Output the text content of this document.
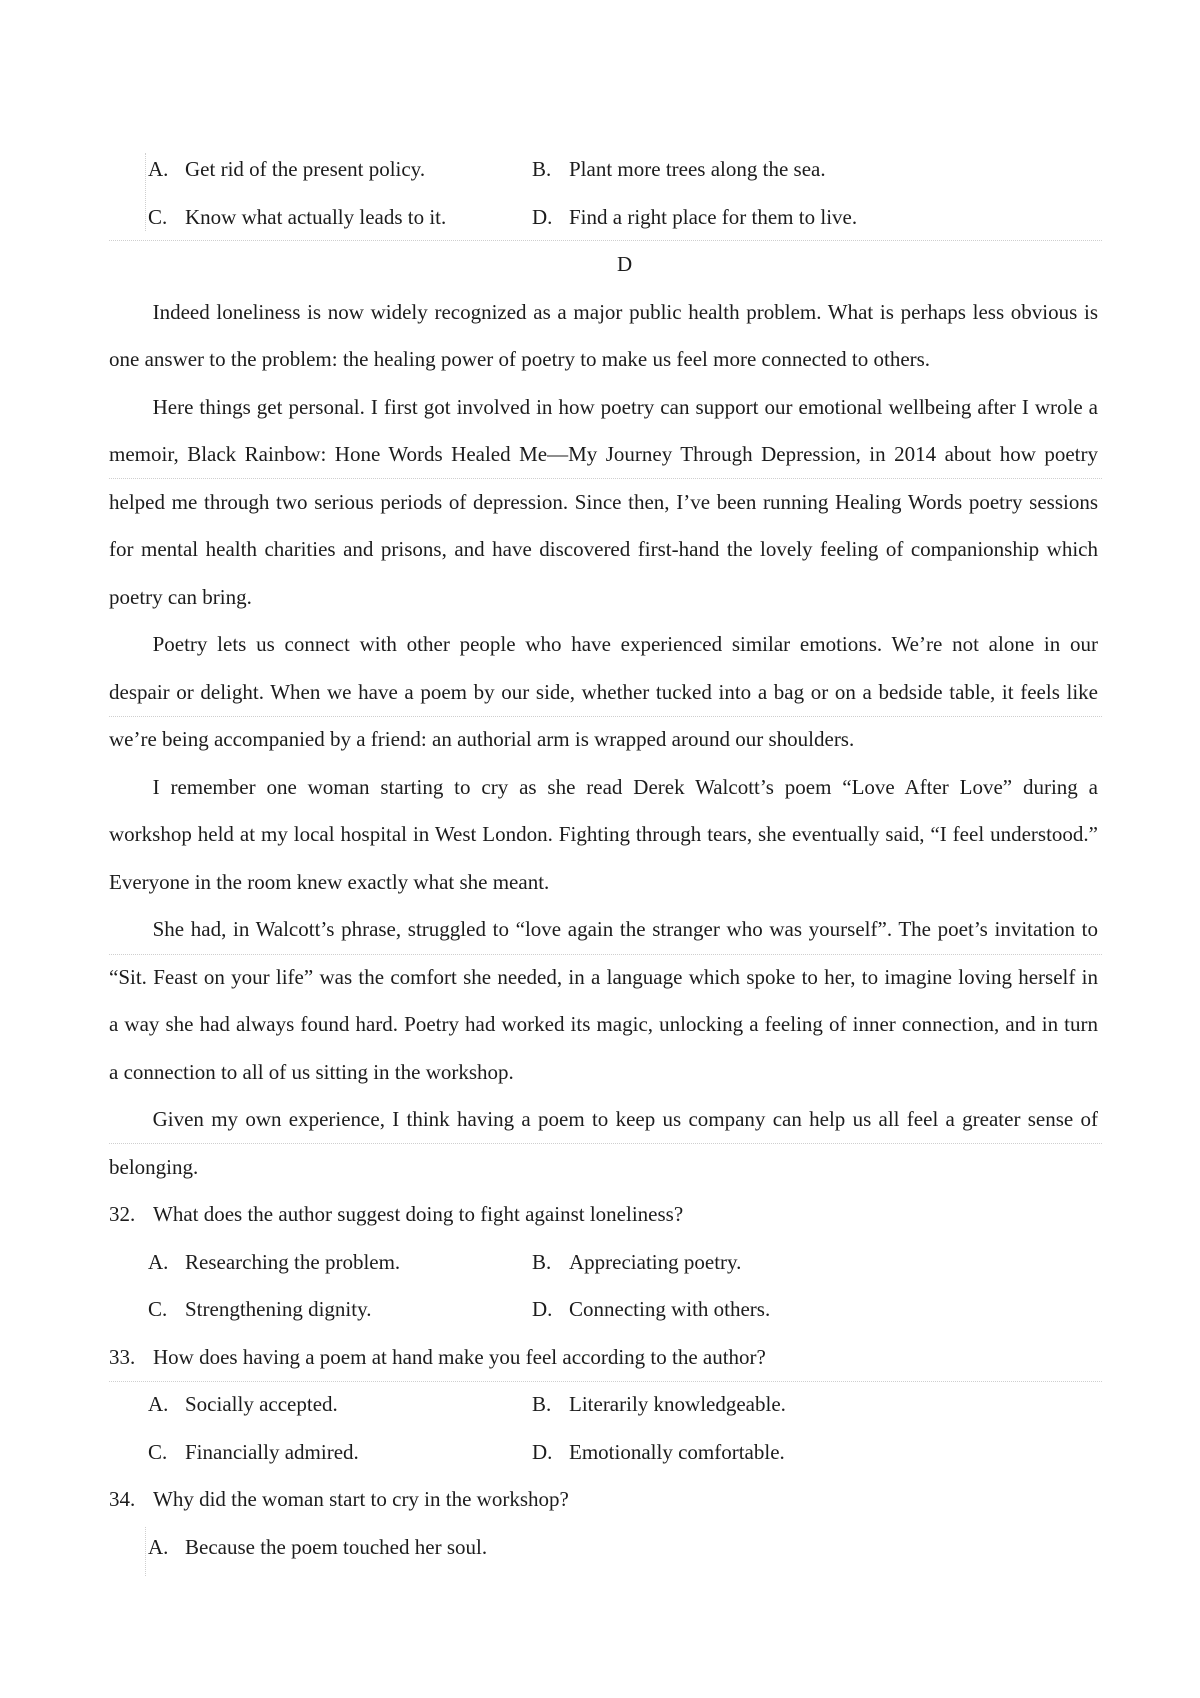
A. Get rid of the present policy.	B. Plant more trees along the sea.
C. Know what actually leads to it.	D. Find a right place for them to live.
D
Indeed loneliness is now widely recognized as a major public health problem. What is perhaps less obvious is
one answer to the problem: the healing power of poetry to make us feel more connected to others.
Here things get personal. I first got involved in how poetry can support our emotional wellbeing after I wrole a
memoir, Black Rainbow: Hone Words Healed Me—My Journey Through Depression, in 2014 about how poetry
helped me through two serious periods of depression. Since then, I’ve been running Healing Words poetry sessions
for mental health charities and prisons, and have discovered first-hand the lovely feeling of companionship which
poetry can bring.
Poetry lets us connect with other people who have experienced similar emotions. We’re not alone in our
despair or delight. When we have a poem by our side, whether tucked into a bag or on a bedside table, it feels like
we’re being accompanied by a friend: an authorial arm is wrapped around our shoulders.
I remember one woman starting to cry as she read Derek Walcott’s poem “Love After Love” during a
workshop held at my local hospital in West London. Fighting through tears, she eventually said, “I feel understood.”
Everyone in the room knew exactly what she meant.
She had, in Walcott’s phrase, struggled to “love again the stranger who was yourself”. The poet’s invitation to
“Sit. Feast on your life” was the comfort she needed, in a language which spoke to her, to imagine loving herself in
a way she had always found hard. Poetry had worked its magic, unlocking a feeling of inner connection, and in turn
a connection to all of us sitting in the workshop.
Given my own experience, I think having a poem to keep us company can help us all feel a greater sense of
belonging.
32. What does the author suggest doing to fight against loneliness?
A. Researching the problem.	B. Appreciating poetry.
C. Strengthening dignity.	D. Connecting with others.
33. How does having a poem at hand make you feel according to the author?
A. Socially accepted.	B. Literarily knowledgeable.
C. Financially admired.	D. Emotionally comfortable.
34. Why did the woman start to cry in the workshop?
A. Because the poem touched her soul.
